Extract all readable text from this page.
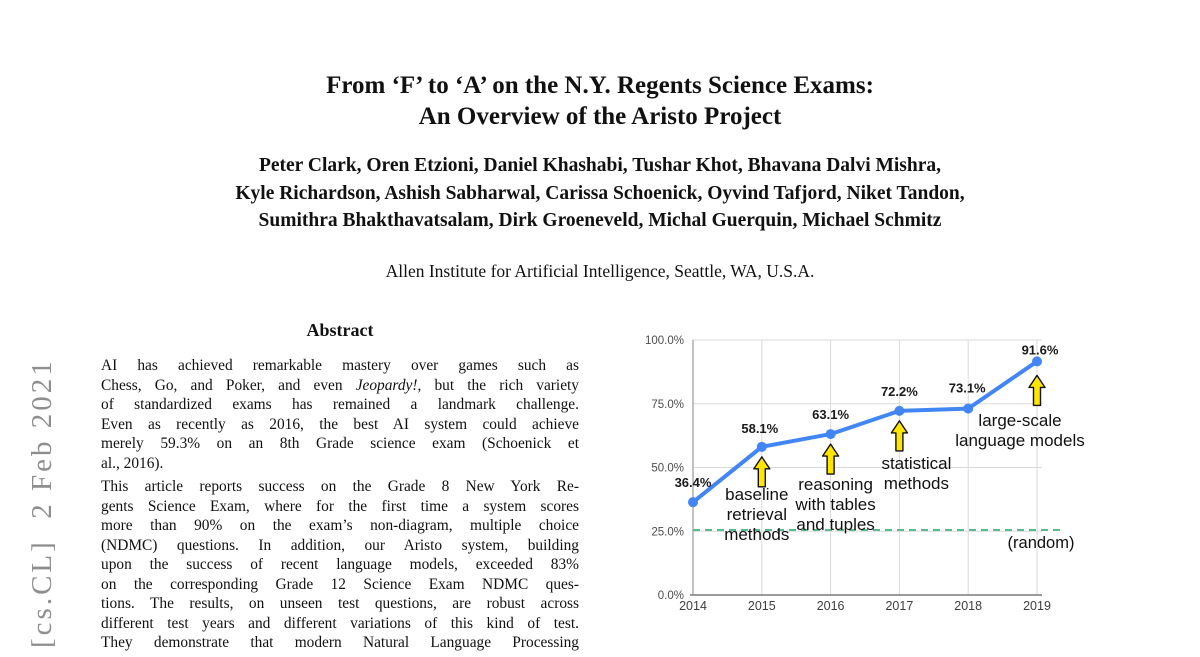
From ‘F’ to ‘A’ on the N.Y. Regents Science Exams:
An Overview of the Aristo Project
Peter Clark, Oren Etzioni, Daniel Khashabi, Tushar Khot, Bhavana Dalvi Mishra,
Kyle Richardson, Ashish Sabharwal, Carissa Schoenick, Oyvind Tafjord, Niket Tandon,
Sumithra Bhakthavatsalam, Dirk Groeneveld, Michal Guerquin, Michael Schmitz
Allen Institute for Artificial Intelligence, Seattle, WA, U.S.A.
Abstract
AI has achieved remarkable mastery over games such as
Chess, Go, and Poker, and even Jeopardy!, but the rich variety
of standardized exams has remained a landmark challenge.
Even as recently as 2016, the best AI system could achieve
merely 59.3% on an 8th Grade science exam (Schoenick et
al., 2016).
This article reports success on the Grade 8 New York Re-
gents Science Exam, where for the first time a system scores
more than 90% on the exam’s non-diagram, multiple choice
(NDMC) questions. In addition, our Aristo system, building
upon the success of recent language models, exceeded 83%
on the corresponding Grade 12 Science Exam NDMC ques-
tions. The results, on unseen test questions, are robust across
different test years and different variations of this kind of test.
They demonstrate that modern Natural Language Processing
[cs.CL]  2 Feb 2021	0.0%
25.0%
50.0%
75.0%
100.0%
2014	2015	2016	2017	2018	2019
(random)
baseline
retrieval
methods
reasoning
with tables
and tuples
statistical
methods
large-scale
language models
36.4%
58.1%
63.1%
72.2% 73.1%
91.6%
